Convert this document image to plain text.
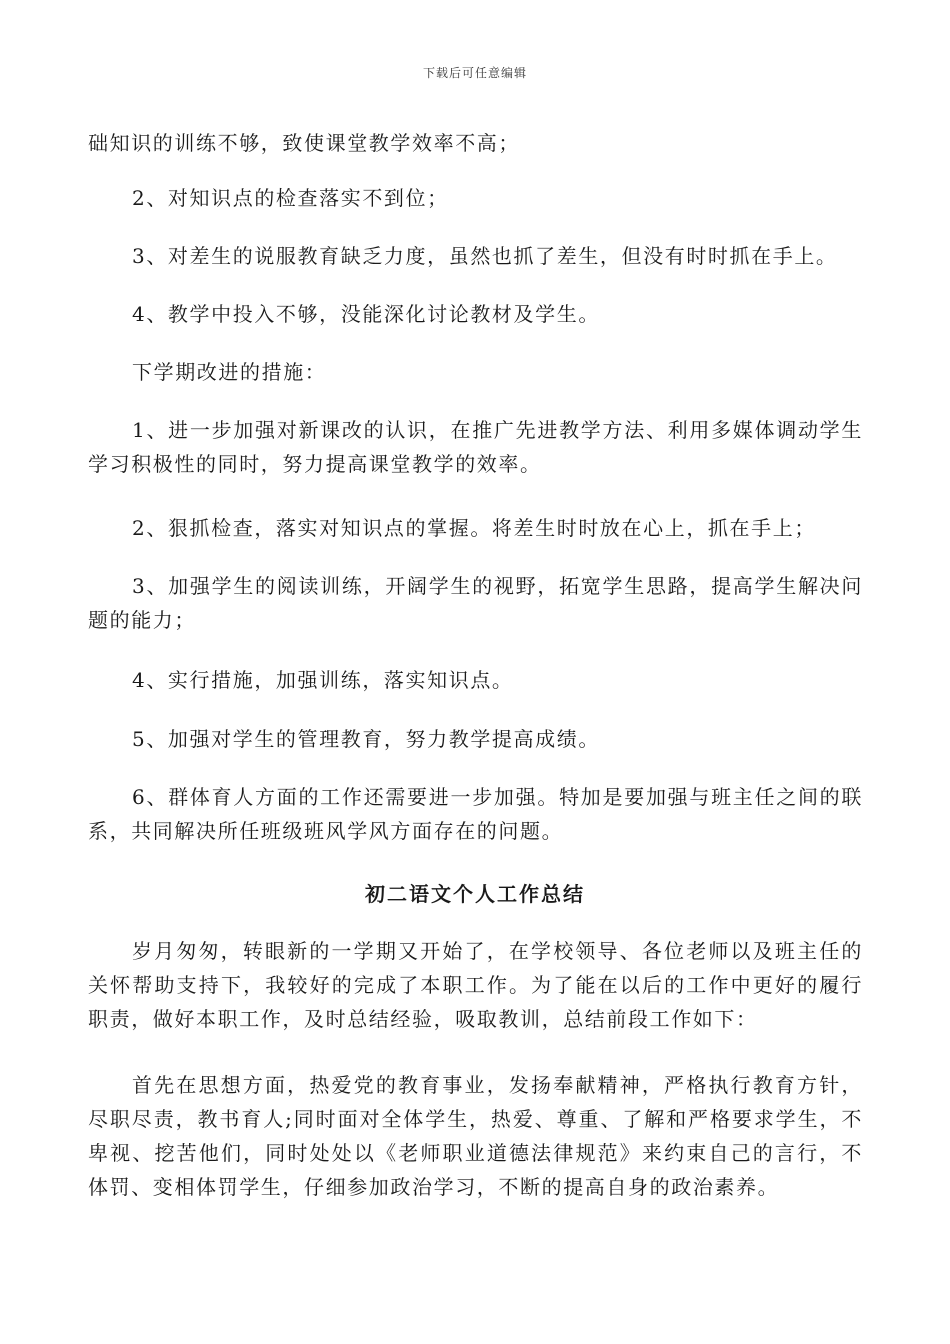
下载后可任意编辑

础知识的训练不够，致使课堂教学效率不高；

2、对知识点的检查落实不到位；

3、对差生的说服教育缺乏力度，虽然也抓了差生，但没有时时抓在手上。

4、教学中投入不够，没能深化讨论教材及学生。

下学期改进的措施：

1、进一步加强对新课改的认识，在推广先进教学方法、利用多媒体调动学生学习积极性的同时，努力提高课堂教学的效率。

2、狠抓检查，落实对知识点的掌握。将差生时时放在心上，抓在手上；

3、加强学生的阅读训练，开阔学生的视野，拓宽学生思路，提高学生解决问题的能力；

4、实行措施，加强训练，落实知识点。

5、加强对学生的管理教育，努力教学提高成绩。

6、群体育人方面的工作还需要进一步加强。特加是要加强与班主任之间的联系，共同解决所任班级班风学风方面存在的问题。

初二语文个人工作总结

岁月匆匆，转眼新的一学期又开始了，在学校领导、各位老师以及班主任的关怀帮助支持下，我较好的完成了本职工作。为了能在以后的工作中更好的履行职责，做好本职工作，及时总结经验，吸取教训，总结前段工作如下：

首先在思想方面，热爱党的教育事业，发扬奉献精神，严格执行教育方针，尽职尽责，教书育人;同时面对全体学生，热爱、尊重、了解和严格要求学生，不卑视、挖苦他们，同时处处以《老师职业道德法律规范》来约束自己的言行，不体罚、变相体罚学生，仔细参加政治学习，不断的提高自身的政治素养。
